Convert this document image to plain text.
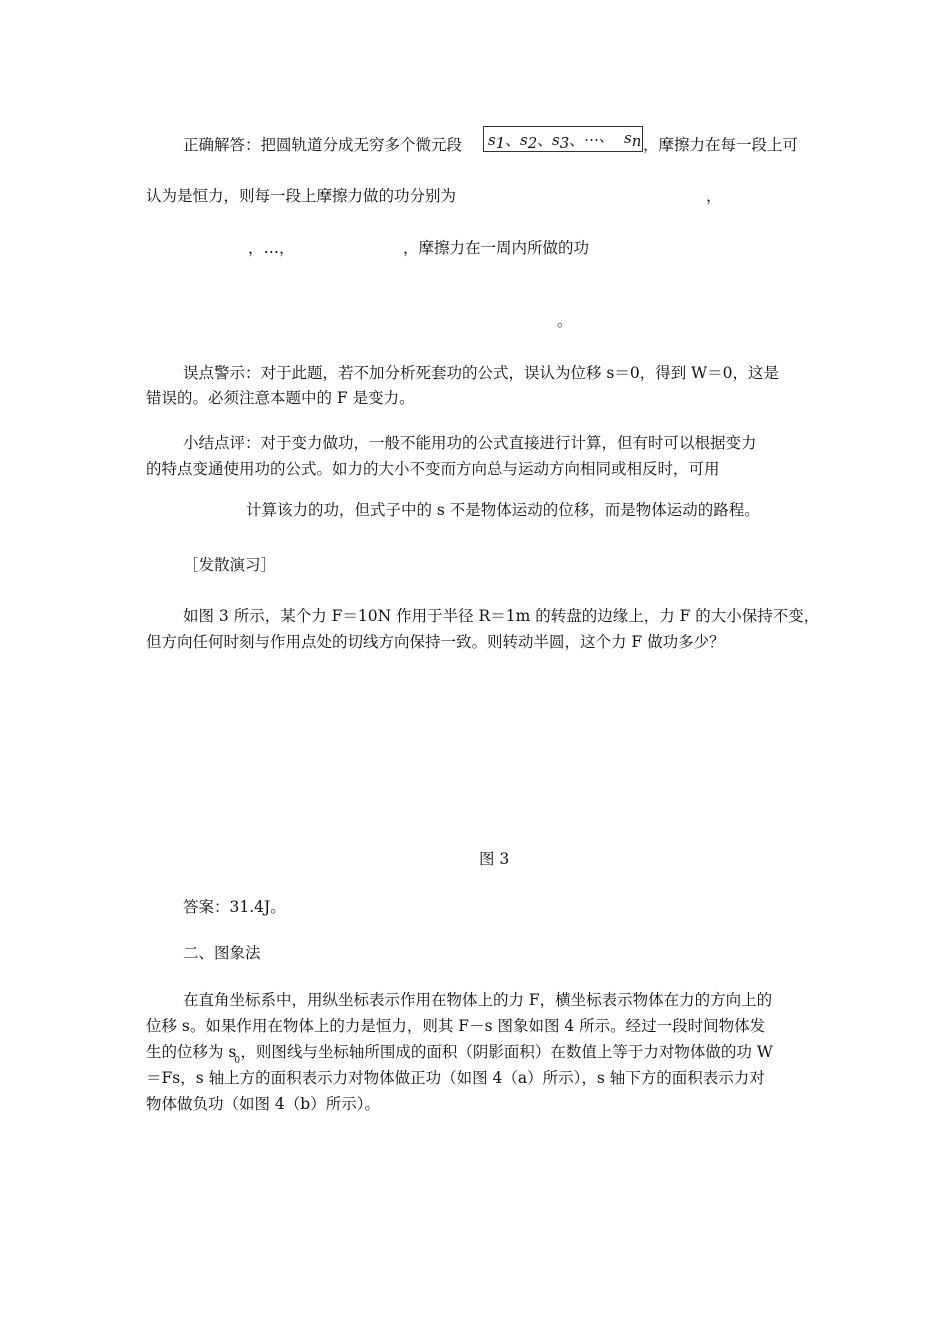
正确解答：把圆轨道分成无穷多个微元段 s1、 s2、 s3、 …、 sn ，摩擦力在每一段上可
认为是恒力，则每一段上摩擦力做的功分别为	，
，…，	，摩擦力在一周内所做的功
。
误点警示：对于此题，若不加分析死套功的公式，误认为位移 s＝0，得到 W＝0，这是
错误的。必须注意本题中的 F 是变力。
小结点评：对于变力做功，一般不能用功的公式直接进行计算，但有时可以根据变力
的特点变通使用功的公式。如力的大小不变而方向总与运动方向相同或相反时，可用
计算该力的功，但式子中的 s 不是物体运动的位移，而是物体运动的路程。
［发散演习］
如图 3 所示，某个力 F＝10N 作用于半径 R＝1m 的转盘的边缘上，力 F 的大小保持不变，
但方向任何时刻与作用点处的切线方向保持一致。则转动半圆，这个力 F 做功多少？
图 3
答案：31.4J。
二、图象法
在直角坐标系中，用纵坐标表示作用在物体上的力 F，横坐标表示物体在力的方向上的
位移 s。如果作用在物体上的力是恒力，则其 F－s 图象如图 4 所示。经过一段时间物体发
生的位移为 s
0 ，则图线与坐标轴所围成的面积（阴影面积）在数值上等于力对物体做的功 W
＝Fs，s 轴上方的面积表示力对物体做正功（如图 4（a）所示），s 轴下方的面积表示力对
物体做负功（如图 4（b）所示）。
